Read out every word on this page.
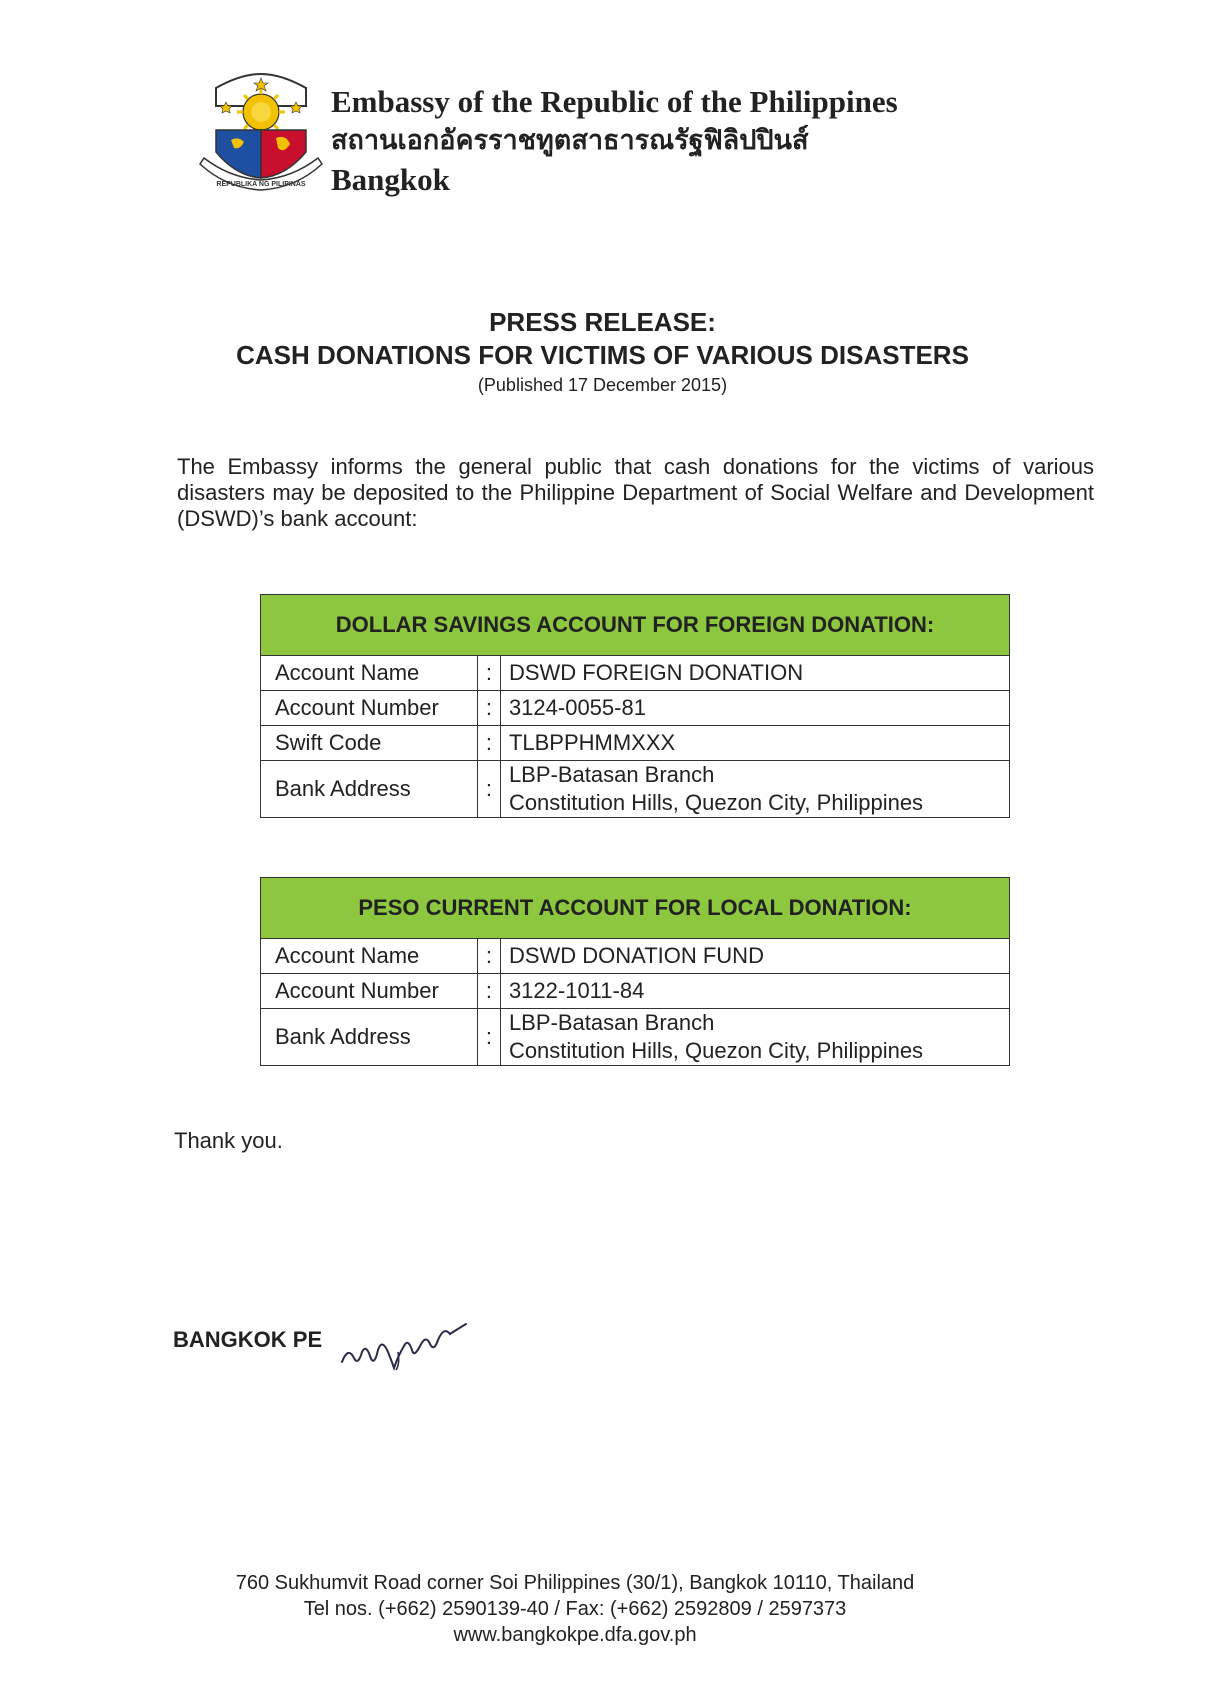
REPUBLIKA NG PILIPINAS
Embassy of the Republic of the Philippines
สถานเอกอัครราชทูตสาธารณรัฐฟิลิปปินส์
Bangkok
PRESS RELEASE:
CASH DONATIONS FOR VICTIMS OF VARIOUS DISASTERS
(Published 17 December 2015)
The Embassy informs the general public that cash donations for the victims of various disasters may be deposited to the Philippine Department of Social Welfare and Development (DSWD)’s bank account:
DOLLAR SAVINGS ACCOUNT FOR FOREIGN DONATION:		
Account Name	:	DSWD FOREIGN DONATION
Account Number	:	3124-0055-81
Swift Code	:	TLBPPHMMXXX
Bank Address	:	LBP-Batasan Branch
Constitution Hills, Quezon City, Philippines
PESO CURRENT ACCOUNT FOR LOCAL DONATION:		
Account Name	:	DSWD DONATION FUND
Account Number	:	3122-1011-84
Bank Address	:	LBP-Batasan Branch
Constitution Hills, Quezon City, Philippines
Thank you.
BANGKOK PE
760 Sukhumvit Road corner Soi Philippines (30/1), Bangkok 10110, Thailand
Tel nos. (+662) 2590139-40 / Fax: (+662) 2592809 / 2597373
www.bangkokpe.dfa.gov.ph
